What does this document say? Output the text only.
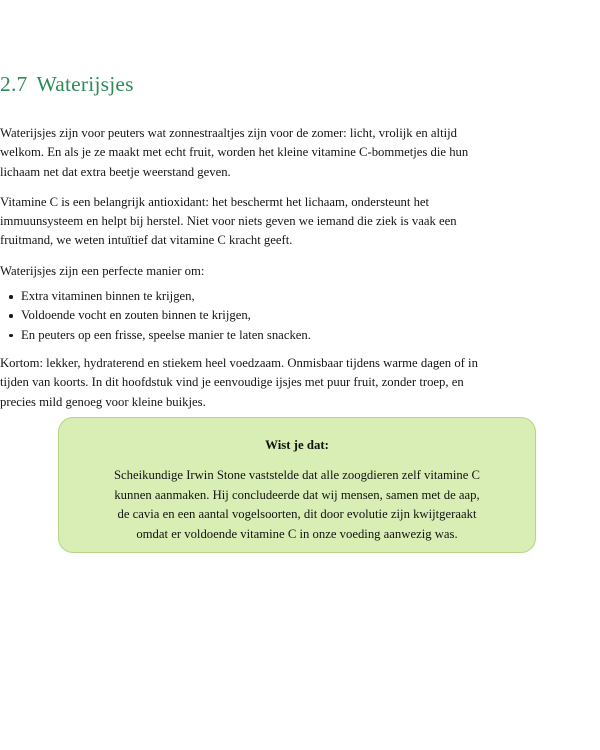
2.7 Waterijsjes

Waterijsjes zijn voor peuters wat zonnestraaltjes zijn voor de zomer: licht, vrolijk en altijd welkom. En als je ze maakt met echt fruit, worden het kleine vitamine C-bommetjes die hun lichaam net dat extra beetje weerstand geven.

Vitamine C is een belangrijk antioxidant: het beschermt het lichaam, ondersteunt het immuunsysteem en helpt bij herstel. Niet voor niets geven we iemand die ziek is vaak een fruitmand, we weten intuïtief dat vitamine C kracht geeft.

Waterijsjes zijn een perfecte manier om:

Extra vitaminen binnen te krijgen,
Voldoende vocht en zouten binnen te krijgen,
En peuters op een frisse, speelse manier te laten snacken.

Kortom: lekker, hydraterend en stiekem heel voedzaam. Onmisbaar tijdens warme dagen of in tijden van koorts. In dit hoofdstuk vind je eenvoudige ijsjes met puur fruit, zonder troep, en precies mild genoeg voor kleine buikjes.

Wist je dat:
Scheikundige Irwin Stone vaststelde dat alle zoogdieren zelf vitamine C
kunnen aanmaken. Hij concludeerde dat wij mensen, samen met de aap,
de cavia en een aantal vogelsoorten, dit door evolutie zijn kwijtgeraakt
omdat er voldoende vitamine C in onze voeding aanwezig was.
